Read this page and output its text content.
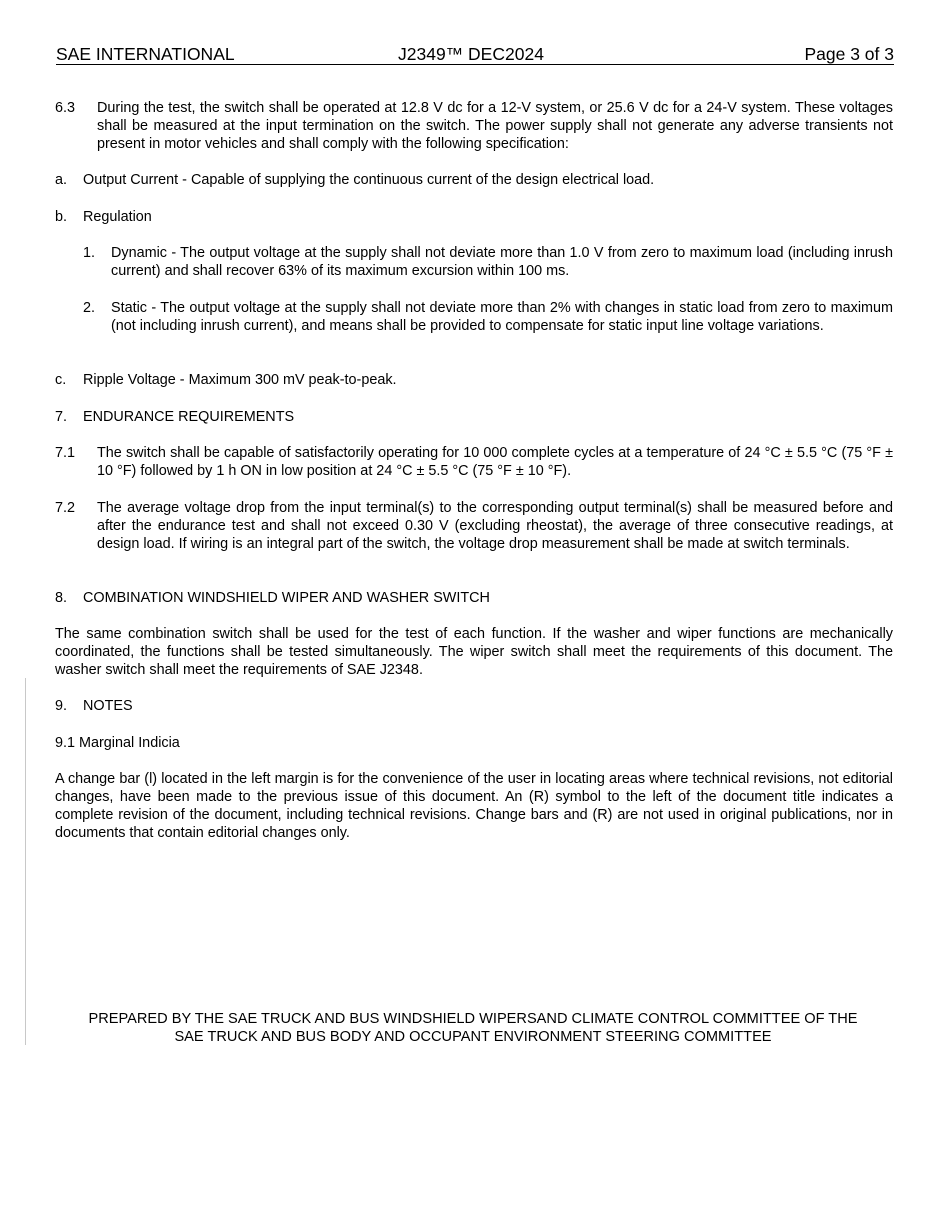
SAE INTERNATIONAL	J2349™ DEC2024	Page 3 of 3
6.3 During the test, the switch shall be operated at 12.8 V dc for a 12-V system, or 25.6 V dc for a 24-V system. These voltages shall be measured at the input termination on the switch. The power supply shall not generate any adverse transients not present in motor vehicles and shall comply with the following specification:
a. Output Current - Capable of supplying the continuous current of the design electrical load.
b. Regulation
1. Dynamic - The output voltage at the supply shall not deviate more than 1.0 V from zero to maximum load (including inrush current) and shall recover 63% of its maximum excursion within 100 ms.
2. Static - The output voltage at the supply shall not deviate more than 2% with changes in static load from zero to maximum (not including inrush current), and means shall be provided to compensate for static input line voltage variations.
c. Ripple Voltage - Maximum 300 mV peak-to-peak.
7. ENDURANCE REQUIREMENTS
7.1 The switch shall be capable of satisfactorily operating for 10 000 complete cycles at a temperature of 24 °C ± 5.5 °C (75 °F ± 10 °F) followed by 1 h ON in low position at 24 °C ± 5.5 °C (75 °F ± 10 °F).
7.2 The average voltage drop from the input terminal(s) to the corresponding output terminal(s) shall be measured before and after the endurance test and shall not exceed 0.30 V (excluding rheostat), the average of three consecutive readings, at design load. If wiring is an integral part of the switch, the voltage drop measurement shall be made at switch terminals.
8. COMBINATION WINDSHIELD WIPER AND WASHER SWITCH
The same combination switch shall be used for the test of each function. If the washer and wiper functions are mechanically coordinated, the functions shall be tested simultaneously. The wiper switch shall meet the requirements of this document. The washer switch shall meet the requirements of SAE J2348.
9. NOTES
9.1 Marginal Indicia
A change bar (l) located in the left margin is for the convenience of the user in locating areas where technical revisions, not editorial changes, have been made to the previous issue of this document. An (R) symbol to the left of the document title indicates a complete revision of the document, including technical revisions. Change bars and (R) are not used in original publications, nor in documents that contain editorial changes only.
PREPARED BY THE SAE TRUCK AND BUS WINDSHIELD WIPERSAND CLIMATE CONTROL COMMITTEE OF THE
SAE TRUCK AND BUS BODY AND OCCUPANT ENVIRONMENT STEERING COMMITTEE
